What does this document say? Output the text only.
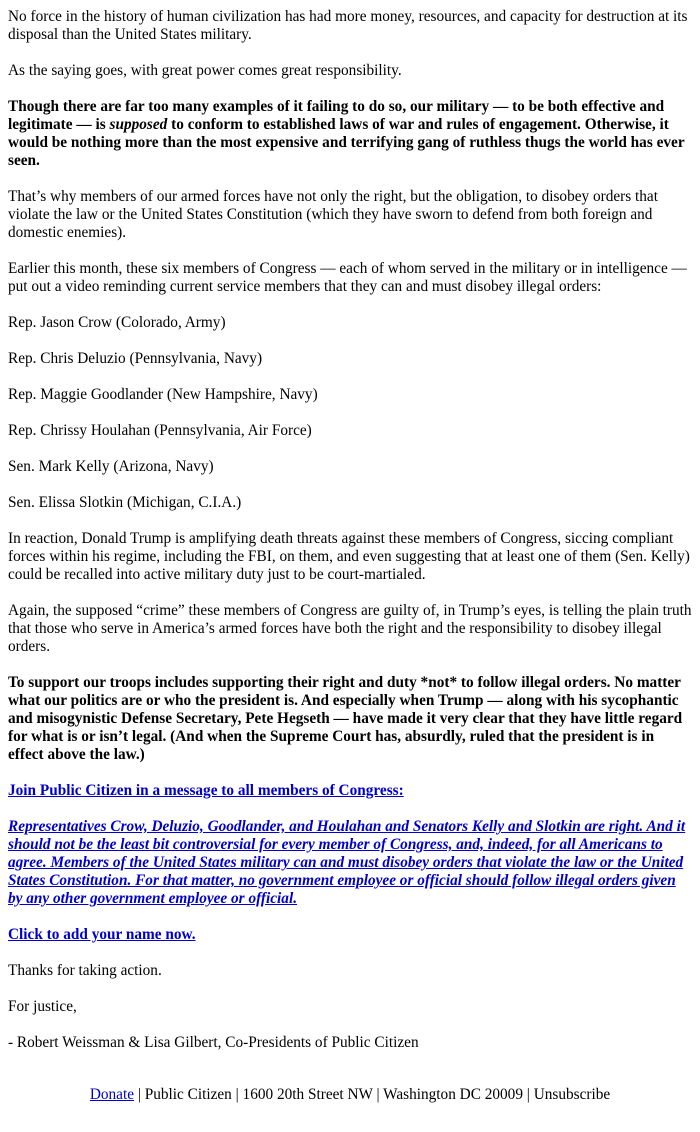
No force in the history of human civilization has had more money, resources, and capacity for destruction at its disposal than the United States military.

As the saying goes, with great power comes great responsibility.

Though there are far too many examples of it failing to do so, our military — to be both effective and legitimate — is supposed to conform to established laws of war and rules of engagement. Otherwise, it would be nothing more than the most expensive and terrifying gang of ruthless thugs the world has ever seen.

That’s why members of our armed forces have not only the right, but the obligation, to disobey orders that violate the law or the United States Constitution (which they have sworn to defend from both foreign and domestic enemies).

Earlier this month, these six members of Congress — each of whom served in the military or in intelligence — put out a video reminding current service members that they can and must disobey illegal orders:

Rep. Jason Crow (Colorado, Army)

Rep. Chris Deluzio (Pennsylvania, Navy)

Rep. Maggie Goodlander (New Hampshire, Navy)

Rep. Chrissy Houlahan (Pennsylvania, Air Force)

Sen. Mark Kelly (Arizona, Navy)

Sen. Elissa Slotkin (Michigan, C.I.A.)

In reaction, Donald Trump is amplifying death threats against these members of Congress, siccing compliant forces within his regime, including the FBI, on them, and even suggesting that at least one of them (Sen. Kelly) could be recalled into active military duty just to be court-martialed.

Again, the supposed “crime” these members of Congress are guilty of, in Trump’s eyes, is telling the plain truth that those who serve in America’s armed forces have both the right and the responsibility to disobey illegal orders.

To support our troops includes supporting their right and duty *not* to follow illegal orders. No matter what our politics are or who the president is. And especially when Trump — along with his sycophantic and misogynistic Defense Secretary, Pete Hegseth — have made it very clear that they have little regard for what is or isn’t legal. (And when the Supreme Court has, absurdly, ruled that the president is in effect above the law.)

Join Public Citizen in a message to all members of Congress:

Representatives Crow, Deluzio, Goodlander, and Houlahan and Senators Kelly and Slotkin are right. And it should not be the least bit controversial for every member of Congress, and, indeed, for all Americans to agree. Members of the United States military can and must disobey orders that violate the law or the United States Constitution. For that matter, no government employee or official should follow illegal orders given by any other government employee or official.

Click to add your name now.

Thanks for taking action.

For justice,

- Robert Weissman & Lisa Gilbert, Co-Presidents of Public Citizen

Donate | Public Citizen | 1600 20th Street NW | Washington DC 20009 | Unsubscribe
